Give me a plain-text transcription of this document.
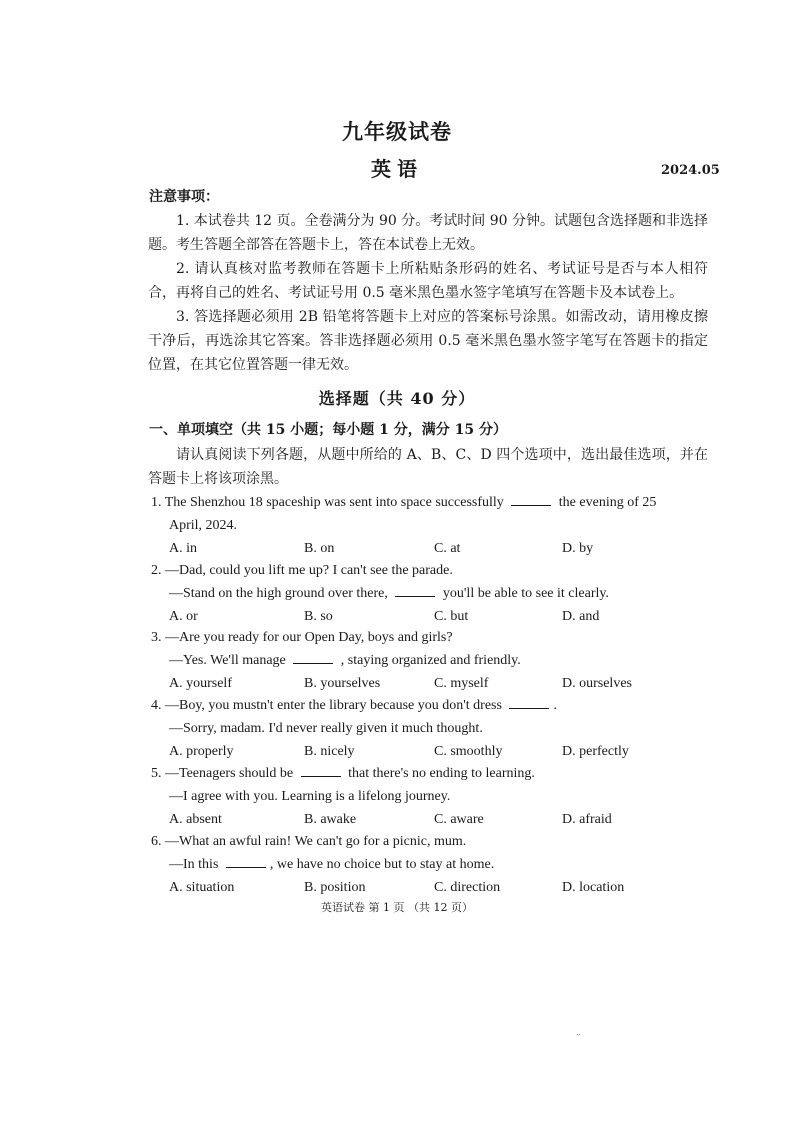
九年级试卷
英语	2024.05
注意事项：
1. 本试卷共 12 页。全卷满分为 90 分。考试时间 90 分钟。试题包含选择题和非选择题。考生答题全部答在答题卡上，答在本试卷上无效。
2. 请认真核对监考教师在答题卡上所粘贴条形码的姓名、考试证号是否与本人相符合，再将自己的姓名、考试证号用 0.5 毫米黑色墨水签字笔填写在答题卡及本试卷上。
3. 答选择题必须用 2B 铅笔将答题卡上对应的答案标号涂黑。如需改动，请用橡皮擦干净后，再选涂其它答案。答非选择题必须用 0.5 毫米黑色墨水签字笔写在答题卡的指定位置，在其它位置答题一律无效。
选择题（共 40 分）
一、单项填空（共 15 小题；每小题 1 分，满分 15 分）
请认真阅读下列各题，从题中所给的 A、B、C、D 四个选项中，选出最佳选项，并在答题卡上将该项涂黑。
1. The Shenzhou 18 spaceship was sent into space successfully	the evening of 25
April, 2024.
A. in	B. on	C. at	D. by
2. —Dad, could you lift me up? I can't see the parade.
—Stand on the high ground over there,	you'll be able to see it clearly.
A. or	B. so	C. but	D. and
3. —Are you ready for our Open Day, boys and girls?
—Yes. We'll manage	, staying organized and friendly.
A. yourself	B. yourselves	C. myself	D. ourselves
4. —Boy, you mustn't enter the library because you don't dress	.
—Sorry, madam. I'd never really given it much thought.
A. properly	B. nicely	C. smoothly	D. perfectly
5. —Teenagers should be	that there's no ending to learning.
—I agree with you. Learning is a lifelong journey.
A. absent	B. awake	C. aware	D. afraid
6. —What an awful rain! We can't go for a picnic, mum.
—In this	, we have no choice but to stay at home.
A. situation	B. position	C. direction	D. location
英语试卷 第 1 页 （共 12 页）
..
